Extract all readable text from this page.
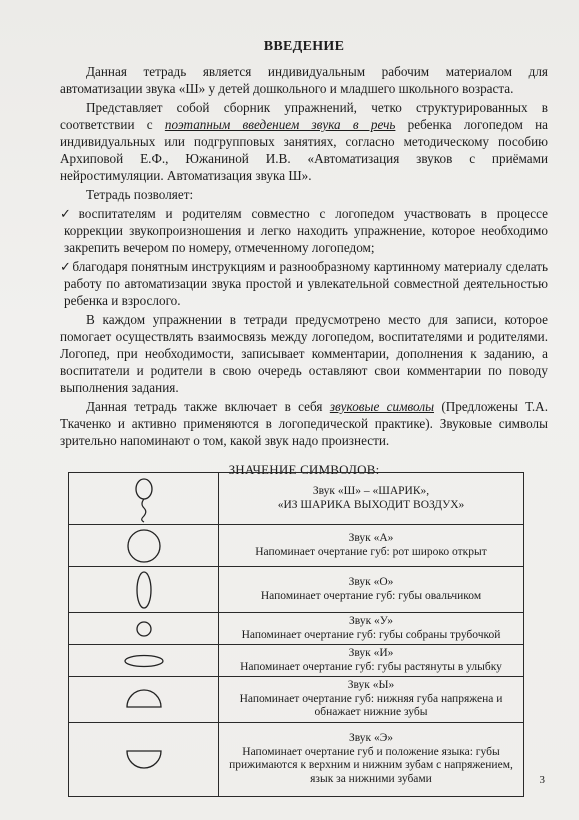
ВВЕДЕНИЕ

Данная тетрадь является индивидуальным рабочим материалом для автоматизации звука «Ш» у детей дошкольного и младшего школьного возраста.

Представляет собой сборник упражнений, четко структурированных в соответствии с поэтапным введением звука в речь ребенка логопедом на индивидуальных или подгрупповых занятиях, согласно методическому пособию Архиповой Е.Ф., Южаниной И.В. «Автоматизация звуков с приёмами нейростимуляции. Автоматизация звука Ш».

Тетрадь позволяет:

✓воспитателям и родителям совместно с логопедом участвовать в процессе коррекции звукопроизношения и легко находить упражнение, которое необходимо закрепить вечером по номеру, отмеченному логопедом;

✓благодаря понятным инструкциям и разнообразному картинному материалу сделать работу по автоматизации звука простой и увлекательной совместной деятельностью ребенка и взрослого.

В каждом упражнении в тетради предусмотрено место для записи, которое помогает осуществлять взаимосвязь между логопедом, воспитателями и родителями. Логопед, при необходимости, записывает комментарии, дополнения к заданию, а воспитатели и родители в свою очередь оставляют свои комментарии по поводу выполнения задания.

Данная тетрадь также включает в себя звуковые символы (Предложены Т.А. Ткаченко и активно применяются в логопедической практике). Звуковые символы зрительно напоминают о том, какой звук надо произнести.

ЗНАЧЕНИЕ СИМВОЛОВ:

Звук «Ш» – «ШАРИК»,
«ИЗ ШАРИКА ВЫХОДИТ ВОЗДУХ»

Звук «А»
Напоминает очертание губ: рот широко открыт

Звук «О»
Напоминает очертание губ: губы овальчиком

Звук «У»
Напоминает очертание губ: губы собраны трубочкой

Звук «И»
Напоминает очертание губ: губы растянуты в улыбку

Звук «Ы»
Напоминает очертание губ: нижняя губа напряжена и
обнажает нижние зубы

Звук «Э»
Напоминает очертание губ и положение языка: губы
прижимаются к верхним и нижним зубам с напряжением, язык за нижними зубами	3
